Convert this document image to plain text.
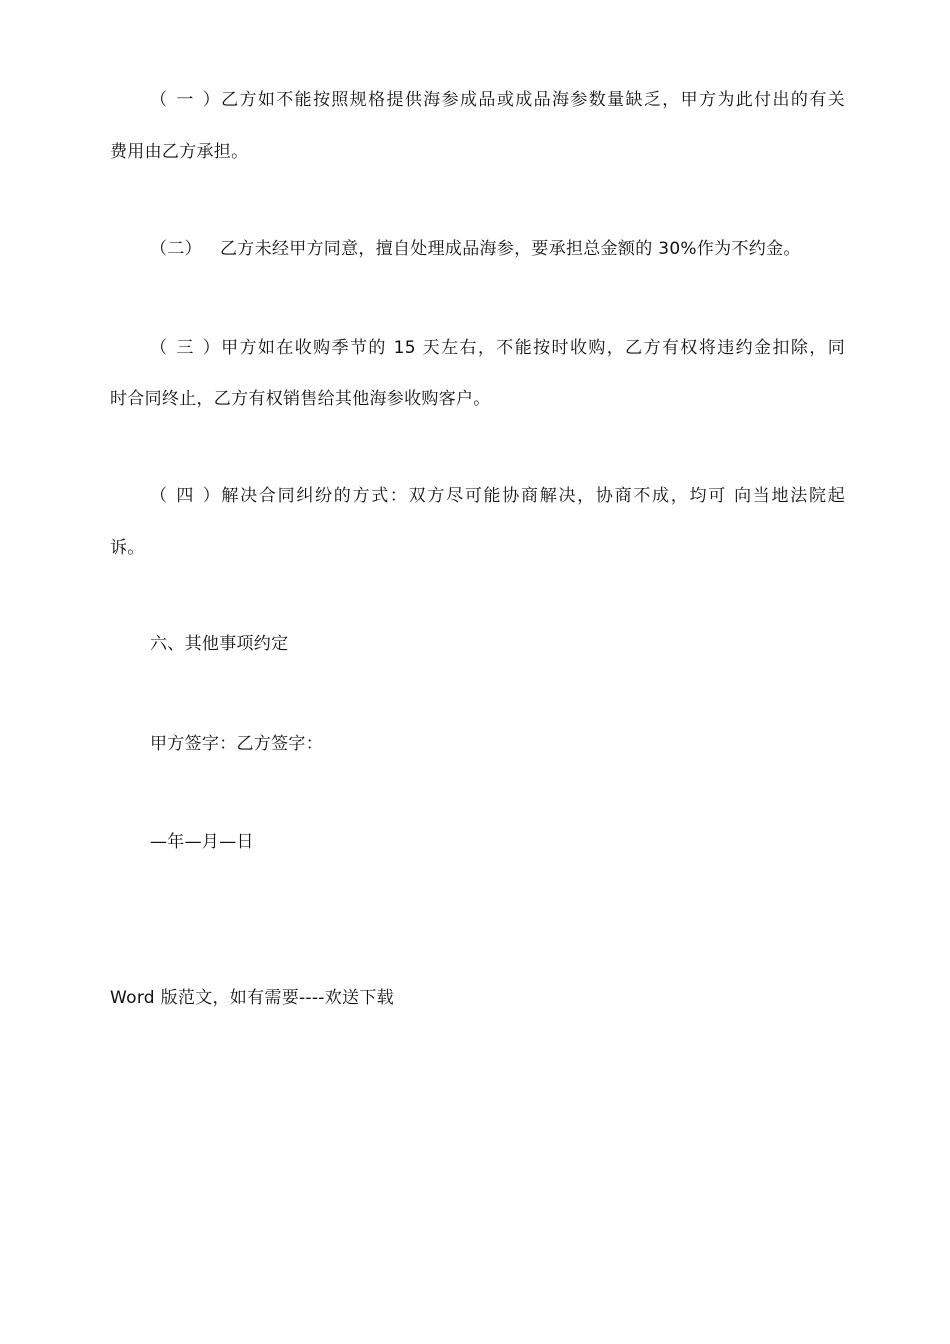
（一）乙方如不能按照规格提供海参成品或成品海参数量缺乏，甲方为此付出的有关
费用由乙方承担。
（二） 乙方未经甲方同意，擅自处理成品海参，要承担总金额的 30%作为不约金。
（三）甲方如在收购季节的 15 天左右，不能按时收购，乙方有权将违约金扣除，同
时合同终止，乙方有权销售给其他海参收购客户。
（四）解决合同纠纷的方式：双方尽可能协商解决，协商不成，均可 向当地法院起
诉。
六、其他事项约定
甲方签字：乙方签字：
—年—月—日
Word 版范文，如有需要----欢送下载
